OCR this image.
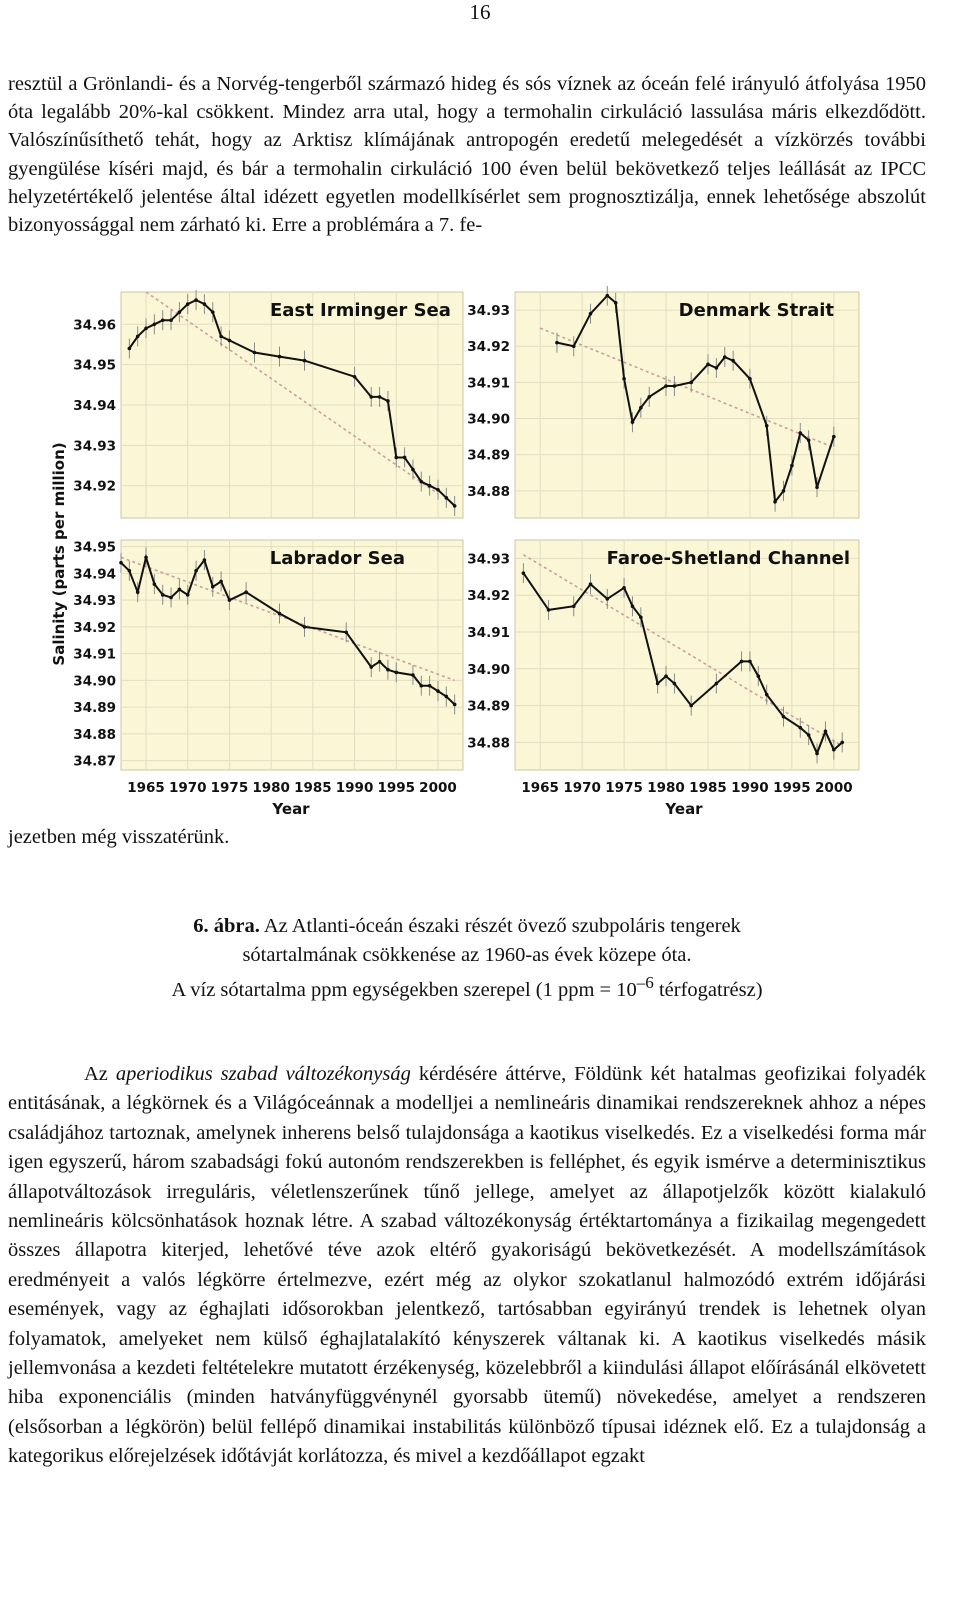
16

resztül a Grönlandi- és a Norvég-tengerből származó hideg és sós víznek az óceán felé irányuló átfolyása 1950 óta legalább 20%-kal csökkent. Mindez arra utal, hogy a termohalin cirkuláció lassulása máris elkezdődött. Valószínűsíthető tehát, hogy az Arktisz klímájának antropogén eredetű melegedését a vízkörzés további gyengülése kíséri majd, és bár a termohalin cirkuláció 100 éven belül bekövetkező teljes leállását az IPCC helyzetértékelő jelentése által idézett egyetlen modellkísérlet sem prognosztizálja, ennek lehetősége abszolút bizonyossággal nem zárható ki. Erre a problémára a 7. fe-

Salinity (parts per million)
Year	Year
34.96
34.95
34.94
34.93
34.92
East Irminger Sea 34.93
34.92
34.91
34.90
34.89
34.88
Denmark Strait
34.95
34.94
34.93
34.92
34.91
34.90
34.89
34.88
34.87
Labrador Sea
1965 1970 1975 1980 1985 1990 1995 2000
34.93
34.92
34.91
34.90
34.89
34.88
Faroe-Shetland Channel
1965 1970 1975 1980 1985 1990 1995 2000

jezetben még visszatérünk.

6. ábra. Az Atlanti-óceán északi részét övező szubpoláris tengerek
sótartalmának csökkenése az 1960-as évek közepe óta.
A víz sótartalma ppm egységekben szerepel (1 ppm = $10^{-6}$ térfogatrész)

Az aperiodikus szabad változékonyság kérdésére áttérve, Földünk két hatalmas geofizikai folyadék entitásának, a légkörnek és a Világóceánnak a modelljei a nemlineáris dinamikai rendszereknek ahhoz a népes családjához tartoznak, amelynek inherens belső tulajdonsága a kaotikus viselkedés. Ez a viselkedési forma már igen egyszerű, három szabadsági fokú autonóm rendszerekben is felléphet, és egyik ismérve a determinisztikus állapotváltozások irreguláris, véletlenszerűnek tűnő jellege, amelyet az állapotjelzők között kialakuló nemlineáris kölcsönhatások hoznak létre. A szabad változékonyság értéktartománya a fizikailag megengedett összes állapotra kiterjed, lehetővé téve azok eltérő gyakoriságú bekövetkezését. A modellszámítások eredményeit a valós légkörre értelmezve, ezért még az olykor szokatlanul halmozódó extrém időjárási események, vagy az éghajlati idősorokban jelentkező, tartósabban egyirányú trendek is lehetnek olyan folyamatok, amelyeket nem külső éghajlatalakító kényszerek váltanak ki. A kaotikus viselkedés másik jellemvonása a kezdeti feltételekre mutatott érzékenység, közelebbről a kiindulási állapot előírásánál elkövetett hiba exponenciális (minden hatványfüggvénynél gyorsabb ütemű) növekedése, amelyet a rendszeren (elsősorban a légkörön) belül fellépő dinamikai instabilitás különböző típusai idéznek elő. Ez a tulajdonság a kategorikus előrejelzések időtávját korlátozza, és mivel a kezdőállapot egzakt
